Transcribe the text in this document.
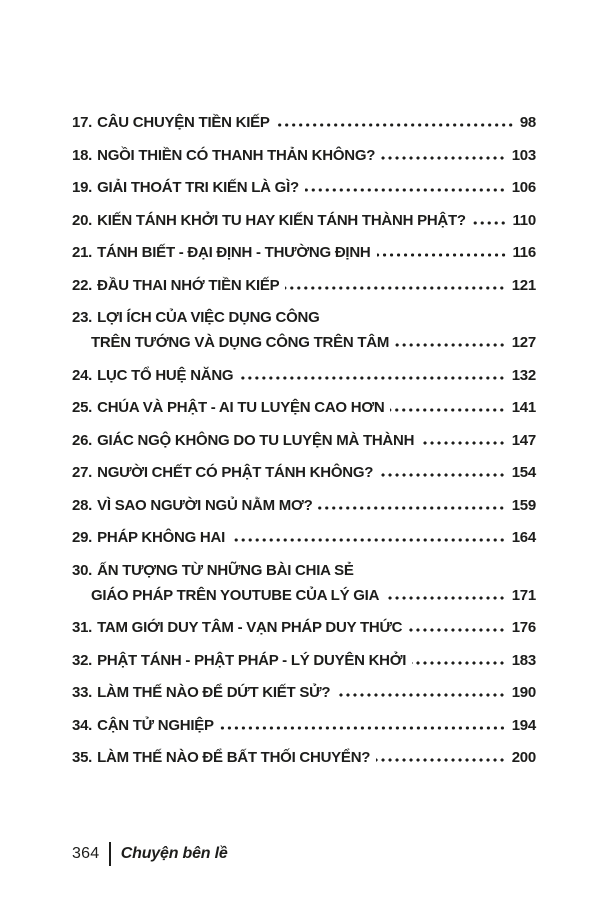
17. CÂU CHUYỆN TIỀN KIẾP	98
18. NGỒI THIỀN CÓ THANH THẢN KHÔNG?	103
19. GIẢI THOÁT TRI KIẾN LÀ GÌ?	106
20. KIẾN TÁNH KHỞI TU HAY KIẾN TÁNH THÀNH PHẬT?	110
21. TÁNH BIẾT - ĐẠI ĐỊNH - THƯỜNG ĐỊNH	116
22. ĐẦU THAI NHỚ TIỀN KIẾP	121
23. LỢI ÍCH CỦA VIỆC DỤNG CÔNG
TRÊN TƯỚNG VÀ DỤNG CÔNG TRÊN TÂM	127
24. LỤC TỔ HUỆ NĂNG	132
25. CHÚA VÀ PHẬT - AI TU LUYỆN CAO HƠN	141
26. GIÁC NGỘ KHÔNG DO TU LUYỆN MÀ THÀNH	147
27. NGƯỜI CHẾT CÓ PHẬT TÁNH KHÔNG?	154
28. VÌ SAO NGƯỜI NGỦ NẰM MƠ?	159
29. PHÁP KHÔNG HAI	164
30. ẤN TƯỢNG TỪ NHỮNG BÀI CHIA SẺ
GIÁO PHÁP TRÊN YOUTUBE CỦA LÝ GIA	171
31. TAM GIỚI DUY TÂM - VẠN PHÁP DUY THỨC	176
32. PHẬT TÁNH - PHẬT PHÁP - LÝ DUYÊN KHỞI	183
33. LÀM THẾ NÀO ĐỂ DỨT KIẾT SỬ?	190
34. CẬN TỬ NGHIỆP	194
35. LÀM THẾ NÀO ĐỂ BẤT THỐI CHUYỂN?	200
364 Chuyện bên lề
